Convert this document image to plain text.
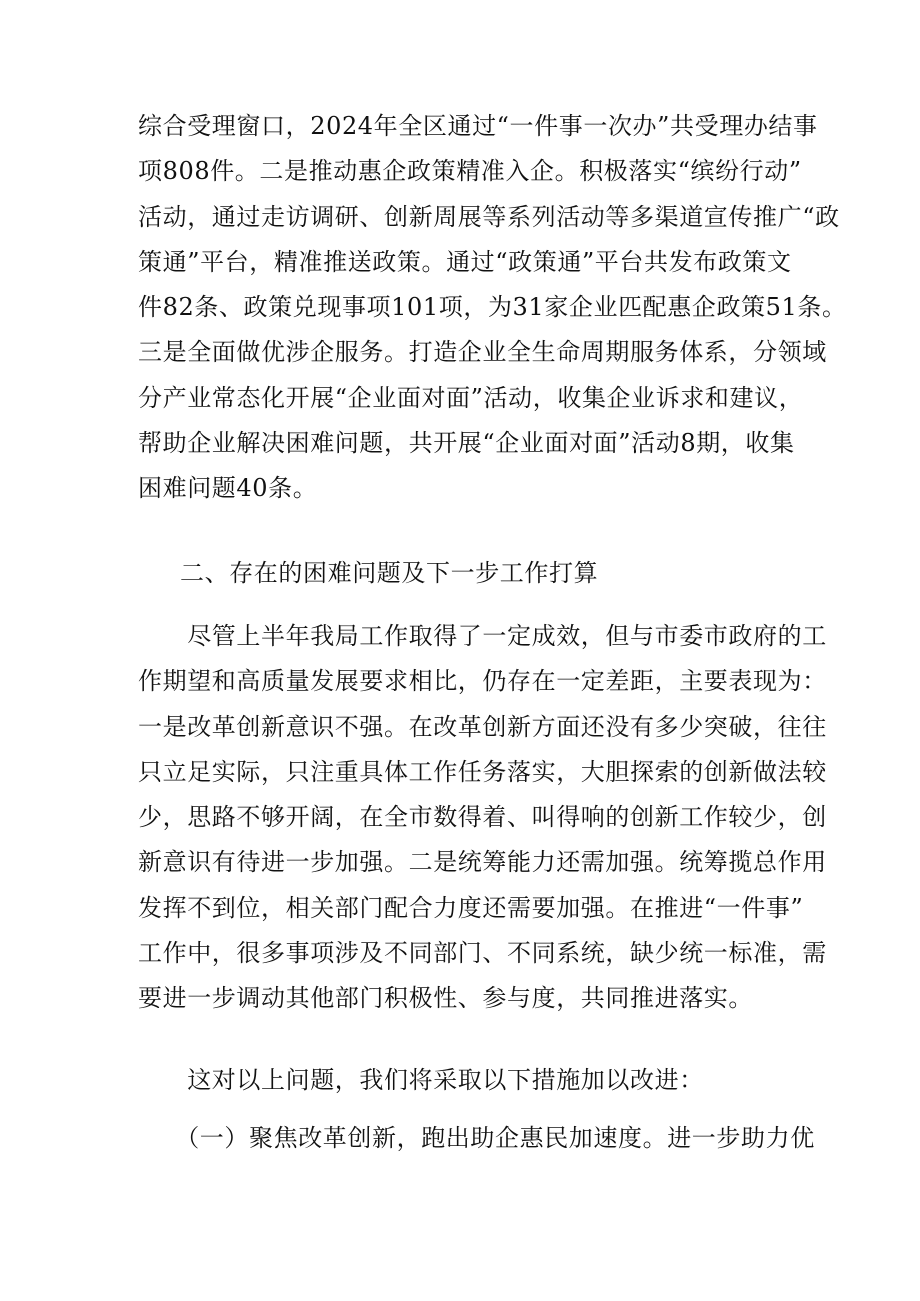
综合受理窗口，2024年全区通过“一件事一次办”共受理办结事
项808件。二是推动惠企政策精准入企。积极落实“缤纷行动”
活动，通过走访调研、创新周展等系列活动等多渠道宣传推广“政
策通”平台，精准推送政策。通过“政策通”平台共发布政策文
件82条、政策兑现事项101项，为31家企业匹配惠企政策51条。
三是全面做优涉企服务。打造企业全生命周期服务体系，分领域
分产业常态化开展“企业面对面”活动，收集企业诉求和建议，
帮助企业解决困难问题，共开展“企业面对面”活动8期，收集
困难问题40条。
二、存在的困难问题及下一步工作打算
　　尽管上半年我局工作取得了一定成效，但与市委市政府的工
作期望和高质量发展要求相比，仍存在一定差距，主要表现为：
一是改革创新意识不强。在改革创新方面还没有多少突破，往往
只立足实际，只注重具体工作任务落实，大胆探索的创新做法较
少，思路不够开阔，在全市数得着、叫得响的创新工作较少，创
新意识有待进一步加强。二是统筹能力还需加强。统筹揽总作用
发挥不到位，相关部门配合力度还需要加强。在推进“一件事”
工作中，很多事项涉及不同部门、不同系统，缺少统一标准，需
要进一步调动其他部门积极性、参与度，共同推进落实。
　　这对以上问题，我们将采取以下措施加以改进：
　　（一）聚焦改革创新，跑出助企惠民加速度。进一步助力优
